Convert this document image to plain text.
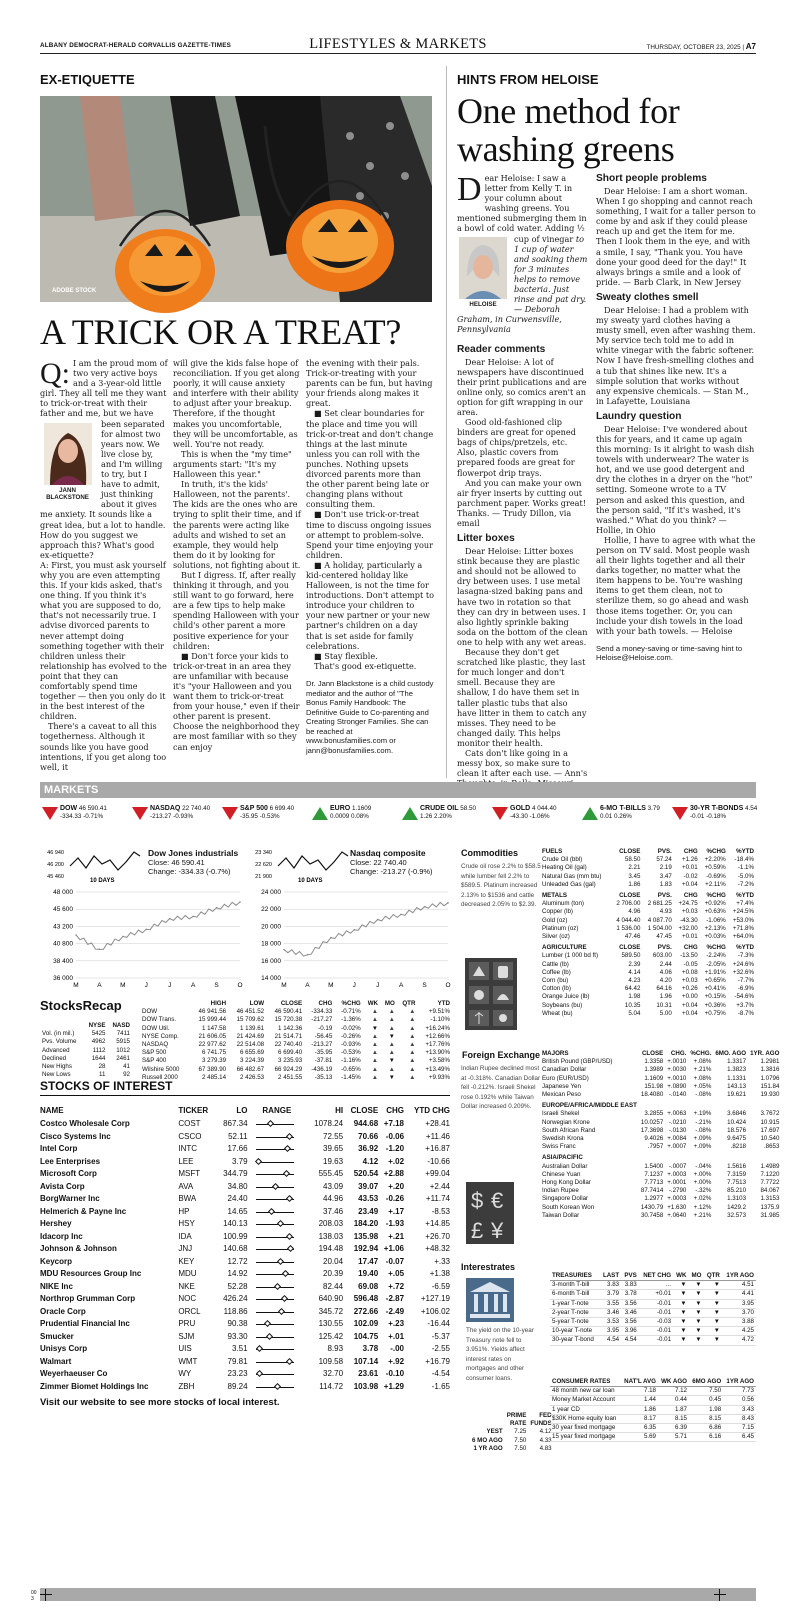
ALBANY DEMOCRAT-HERALD CORVALLIS GAZETTE-TIMES	LIFESTYLES & MARKETS	THURSDAY, OCTOBER 23, 2025 | A7
EX-ETIQUETTE
ADOBE STOCK
A TRICK OR A TREAT?

Q: I am the proud mom of two very active boys and a 3-year-old little girl. They all tell me they want to trick-or-treat with their father and me, but we have
JANN BLACKSTONE
been separated for almost two years now. We live close by, and I'm willing to try, but I have to admit, just thinking about it gives me anxiety. It sounds like a great idea, but a lot to handle. How do you suggest we approach this? What's good ex-etiquette?

A: First, you must ask yourself why you are even attempting this. If your kids asked, that's one thing. If you think it's what you are supposed to do, that's not necessarily true. I advise divorced parents to never attempt doing something together with their children unless their relationship has evolved to the point that they can comfortably spend time together — then you only do it in the best interest of the children.

There's a caveat to all this togetherness. Although it sounds like you have good intentions, if you get along too well, it

will give the kids false hope of reconciliation. If you get along poorly, it will cause anxiety and interfere with their ability to adjust after your breakup. Therefore, if the thought makes you uncomfortable, they will be uncomfortable, as well. You're not ready.

This is when the "my time" arguments start: "It's my Halloween this year."

In truth, it's the kids' Halloween, not the parents'. The kids are the ones who are trying to split their time, and if the parents were acting like adults and wished to set an example, they would help them do it by looking for solutions, not fighting about it.

But I digress. If, after really thinking it through, and you still want to go forward, here are a few tips to help make spending Halloween with your child's other parent a more positive experience for your children:

■ Don't force your kids to trick-or-treat in an area they are unfamiliar with because it's "your Halloween and you want them to trick-or-treat from your house," even if their other parent is present. Choose the neighborhood they are most familiar with so they can enjoy

the evening with their pals. Trick-or-treating with your parents can be fun, but having your friends along makes it great.

■ Set clear boundaries for the place and time you will trick-or-treat and don't change things at the last minute unless you can roll with the punches. Nothing upsets divorced parents more than the other parent being late or changing plans without consulting them.

■ Don't use trick-or-treat time to discuss ongoing issues or attempt to problem-solve. Spend your time enjoying your children.

■ A holiday, particularly a kid-centered holiday like Halloween, is not the time for introductions. Don't attempt to introduce your children to your new partner or your new partner's children on a day that is set aside for family celebrations.

■ Stay flexible.

That's good ex-etiquette.

Dr. Jann Blackstone is a child custody mediator and the author of "The Bonus Family Handbook: The Definitive Guide to Co-parenting and Creating Stronger Families. She can be reached at www.bonusfamilies.com or jann@bonusfamilies.com.

HINTS FROM HELOISE
One method for washing greens

Dear Heloise: I saw a letter from Kelly T. in your column about washing greens. You mentioned submerging them in a bowl of cold water. Adding ½ cup of vinegar
HELOISE
to 1 cup of water and soaking them for 3 minutes helps to remove bacteria. Just rinse and pat dry. — Deborah Graham, in Curwensville, Pennsylvania

Reader comments

Dear Heloise: A lot of newspapers have discontinued their print publications and are online only, so comics aren't an option for gift wrapping in our area.

Good old-fashioned clip binders are great for opened bags of chips/pretzels, etc. Also, plastic covers from prepared foods are great for flowerpot drip trays.

And you can make your own air fryer inserts by cutting out parchment paper. Works great! Thanks. — Trudy Dillon, via email

Litter boxes

Dear Heloise: Litter boxes stink because they are plastic and should not be allowed to dry between uses. I use metal lasagna-sized baking pans and have two in rotation so that they can dry in between uses. I also lightly sprinkle baking soda on the bottom of the clean one to help with any wet areas.

Because they don't get scratched like plastic, they last for much longer and don't smell. Because they are shallow, I do have them set in taller plastic tubs that also have litter in them to catch any misses. They need to be changed daily. This helps monitor their health.

Cats don't like going in a messy box, so make sure to clean it after each use. — Ann's

Short people problems

Dear Heloise: I am a short woman. When I go shopping and cannot reach something, I wait for a taller person to come by and ask if they could please reach up and get the item for me. Then I look them in the eye, and with a smile, I say, "Thank you. You have done your good deed for the day!" It always brings a smile and a look of pride. — Barb Clark, in New Jersey

Sweaty clothes smell

Dear Heloise: I had a problem with my sweaty yard clothes having a musty smell, even after washing them. My service tech told me to add in white vinegar with the fabric softener. Now I have fresh-smelling clothes and a tub that shines like new. It's a simple solution that works without any expensive chemicals. — Stan M., in Lafayette, Louisiana

Laundry question

Dear Heloise: I've wondered about this for years, and it came up again this morning: Is it alright to wash dish towels with underwear? The water is hot, and we use good detergent and dry the clothes in a dryer on the "hot" setting. Someone wrote to a TV person and asked this question, and the person said, "If it's washed, it's washed." What do you think? — Hollie, in Ohio

Hollie, I have to agree with what the person on TV said. Most people wash all their lights together and all their darks together, no matter what the item happens to be. You're washing items to get them clean, not to sterilize them, so go ahead and wash those items together. Or, you can include your dish towels in the load with your bath towels. — Heloise

Send a money-saving or time-saving hint to Heloise@Heloise.com.

MARKETS
DOW 46 590.41
-334.33 -0.71%
NASDAQ 22 740.40
-213.27 -0.93%
S&P 500 6 699.40
-35.95 -0.53%
EURO 1.1609
0.0009 0.08%
CRUDE OIL 58.50
1.26 2.20%
GOLD 4 044.40
-43.30 -1.06%
6-MO T-BILLS 3.79
0.01 0.26%
30-YR T-BONDS 4.54
-0.01 -0.18%
48 000
45 600
43 200
40 800
38 400
36 000
M	A	M	J	J	A	S	O
46 940
46 200
45 460
10 DAYS
24 000
22 000
20 000
18 000
16 000
14 000
M	A	M	J	J	A	S	O
23 340
22 620
21 900
10 DAYS
Dow Jones industrials
Close: 46 590.41
Change: -334.33 (-0.7%)
Nasdaq composite
Close: 22 740.40
Change: -213.27 (-0.9%)
StocksRecap
	NYSE	NASD
Vol. (in mil.)	5425	7411
Pvs. Volume	4962	5915
Advanced	1112	1012
Declined	1644	2461
New Highs	28	41
New Lows	11	92
	HIGH	LOW	CLOSE	CHG	%CHG	WK	MO	QTR	YTD
DOW	46 941.56	46 451.52	46 590.41	-334.33	-0.71%	▲	▲	▲	+9.51%
DOW Trans.	15 999.44	15 709.62	15 720.38	-217.27	-1.36%	▲	▲	▲	-1.10%
DOW Util.	1 147.58	1 139.61	1 142.36	-0.19	-0.02%	▼	▲	▲	+16.24%
NYSE Comp.	21 606.05	21 424.69	21 514.71	-56.45	-0.26%	▲	▼	▲	+12.66%
NASDAQ	22 977.62	22 514.08	22 740.40	-213.27	-0.93%	▲	▲	▲	+17.76%
S&P 500	6 741.75	6 655.69	6 699.40	-35.95	-0.53%	▲	▲	▲	+13.90%
S&P 400	3 279.39	3 224.39	3 235.93	-37.81	-1.16%	▲	▼	▲	+3.58%
Wilshire 5000	67 389.90	66 482.67	66 924.29	-436.19	-0.65%	▲	▲	▲	+13.49%
Russell 2000	2 485.14	2 426.53	2 451.55	-35.13	-1.45%	▲	▼	▲	+9.93%
STOCKS OF INTEREST
NAME	TICKER	LO	RANGE	HI	CLOSE	CHG	YTD CHG
Costco Wholesale Corp	COST	867.34		1078.24	944.68	+7.18	+28.41
Cisco Systems Inc	CSCO	52.11		72.55	70.66	-0.06	+11.46
Intel Corp	INTC	17.66		39.65	36.92	-1.20	+16.87
Lee Enterprises	LEE	3.79		19.63	4.12	+.02	-10.66
Microsoft Corp	MSFT	344.79		555.45	520.54	+2.88	+99.04
Avista Corp	AVA	34.80		43.09	39.07	+.20	+2.44
BorgWarner Inc	BWA	24.40		44.96	43.53	-0.26	+11.74
Helmerich & Payne Inc	HP	14.65		37.46	23.49	+.17	-8.53
Hershey	HSY	140.13		208.03	184.20	-1.93	+14.85
Idacorp Inc	IDA	100.99		138.03	135.98	+.21	+26.70
Johnson & Johnson	JNJ	140.68		194.48	192.94	+1.06	+48.32
Keycorp	KEY	12.72		20.04	17.47	-0.07	+.33
MDU Resources Group Inc	MDU	14.92		20.39	19.40	+.05	+1.38
NIKE Inc	NKE	52.28		82.44	69.08	+.72	-6.59
Northrop Grumman Corp	NOC	426.24		640.90	596.48	-2.87	+127.19
Oracle Corp	ORCL	118.86		345.72	272.66	-2.49	+106.02
Prudential Financial Inc	PRU	90.38		130.55	102.09	+.23	-16.44
Smucker	SJM	93.30		125.42	104.75	+.01	-5.37
Unisys Corp	UIS	3.51		8.93	3.78	-.00	-2.55
Walmart	WMT	79.81		109.58	107.14	+.92	+16.79
Weyerhaeuser Co	WY	23.23		32.70	23.61	-0.10	-4.54
Zimmer Biomet Holdings Inc	ZBH	89.24		114.72	103.98	+1.29	-1.65
Visit our website to see more stocks of local interest.
Commodities
Crude oil rose 2.2% to $58.5 while lumber fell 2.2% to $589.5. Platinum increased 2.13% to $1536 and cattle decreased 2.05% to $2.39.
FUELS	CLOSE	PVS.	CHG	%CHG	%YTD
Crude Oil (bbl)	58.50	57.24	+1.26	+2.20%	-18.4%
Heating Oil (gal)	2.21	2.19	+0.01	+0.59%	-1.1%
Natural Gas (mm btu)	3.45	3.47	-0.02	-0.69%	-5.0%
Unleaded Gas (gal)	1.86	1.83	+0.04	+2.11%	-7.2%
METALS	CLOSE	PVS.	CHG	%CHG	%YTD
Aluminum (ton)	2 706.00	2 681.25	+24.75	+0.92%	+7.4%
Copper (lb)	4.96	4.93	+0.03	+0.63%	+24.5%
Gold (oz)	4 044.40	4 087.70	-43.30	-1.06%	+53.0%
Platinum (oz)	1 536.00	1 504.00	+32.00	+2.13%	+71.8%
Silver (oz)	47.46	47.45	+0.01	+0.03%	+64.0%
AGRICULTURE	CLOSE	PVS.	CHG	%CHG	%YTD
Lumber (1 000 bd ft)	589.50	603.00	-13.50	-2.24%	-7.3%
Cattle (lb)	2.39	2.44	-0.05	-2.05%	+24.6%
Coffee (lb)	4.14	4.06	+0.08	+1.91%	+32.6%
Corn (bu)	4.23	4.20	+0.03	+0.65%	-7.7%
Cotton (lb)	64.42	64.16	+0.26	+0.41%	-6.9%
Orange Juice (lb)	1.98	1.96	+0.00	+0.15%	-54.6%
Soybeans (bu)	10.35	10.31	+0.04	+0.36%	+3.7%
Wheat (bu)	5.04	5.00	+0.04	+0.75%	-8.7%
Foreign Exchange
Indian Rupee declined most at -0.318%. Canadian Dollar fell -0.212%. Israeli Shekel rose 0.192% while Taiwan Dollar increased 0.209%.
$ €
£ ¥
MAJORS	CLOSE	CHG.	%CHG.	6MO. AGO	1YR. AGO
British Pound (GBP/USD)	1.3358	+.0010	+.08%	1.3317	1.2981
Canadian Dollar	1.3989	+.0030	+.21%	1.3823	1.3816
Euro (EUR/USD)	1.1609	+.0010	+.08%	1.1331	1.0796
Japanese Yen	151.98	+.0890	+.05%	143.13	151.84
Mexican Peso	18.4080	-.0140	-.08%	19.621	19.930
EUROPE/AFRICA/MIDDLE EAST					
Israeli Shekel	3.2855	+.0063	+.19%	3.6846	3.7672
Norwegian Krone	10.0257	-.0210	-.21%	10.424	10.915
South African Rand	17.3698	-.0130	-.08%	18.576	17.697
Swedish Krona	9.4026	+.0084	+.09%	9.6475	10.540
Swiss Franc	.7957	+.0007	+.09%	.8218	.8653
ASIA/PACIFIC					
Australian Dollar	1.5400	-.0007	-.04%	1.5616	1.4989
Chinese Yuan	7.1237	+.0003	+.00%	7.3159	7.1220
Hong Kong Dollar	7.7713	+.0001	+.00%	7.7513	7.7722
Indian Rupee	87.7414	-.2790	-.32%	85.210	84.067
Singapore Dollar	1.2977	+.0003	+.02%	1.3103	1.3153
South Korean Won	1430.79	+1.630	+.12%	1429.2	1375.9
Taiwan Dollar	30.7458	+.0640	+.21%	32.573	31.985
Interestrates
The yield on the 10-year Treasury note fell to 3.951%. Yields affect interest rates on mortgages and other consumer loans.
	PRIME RATE	FED FUNDS
YEST	7.25	4.12
6 MO AGO	7.50	4.33
1 YR AGO	7.50	4.83
TREASURIES	LAST	PVS	NET CHG	WK	MO	QTR	1YR AGO
3-month T-bill	3.83	3.83	...	▼	▼	▼	4.51
6-month T-bill	3.79	3.78	+0.01	▼	▼	▼	4.41
1-year T-note	3.55	3.56	-0.01	▼	▼	▼	3.95
2-year T-note	3.46	3.46	-0.01	▼	▼	▼	3.70
5-year T-note	3.53	3.56	-0.03	▼	▼	▼	3.88
10-year T-note	3.95	3.96	-0.01	▼	▼	▼	4.25
30-year T-bond	4.54	4.54	-0.01	▼	▼	▼	4.72
CONSUMER RATES	NAT'L AVG	WK AGO	6MO AGO	1YR AGO
48 month new car loan	7.18	7.12	7.50	7.73
Money Market Account	1.44	0.44	0.45	0.56
1 year CD	1.86	1.87	1.98	3.43
$30K Home equity loan	8.17	8.15	8.15	8.43
30 year fixed mortgage	6.35	6.39	6.86	7.15
15 year fixed mortgage	5.69	5.71	6.16	6.45
00
3
